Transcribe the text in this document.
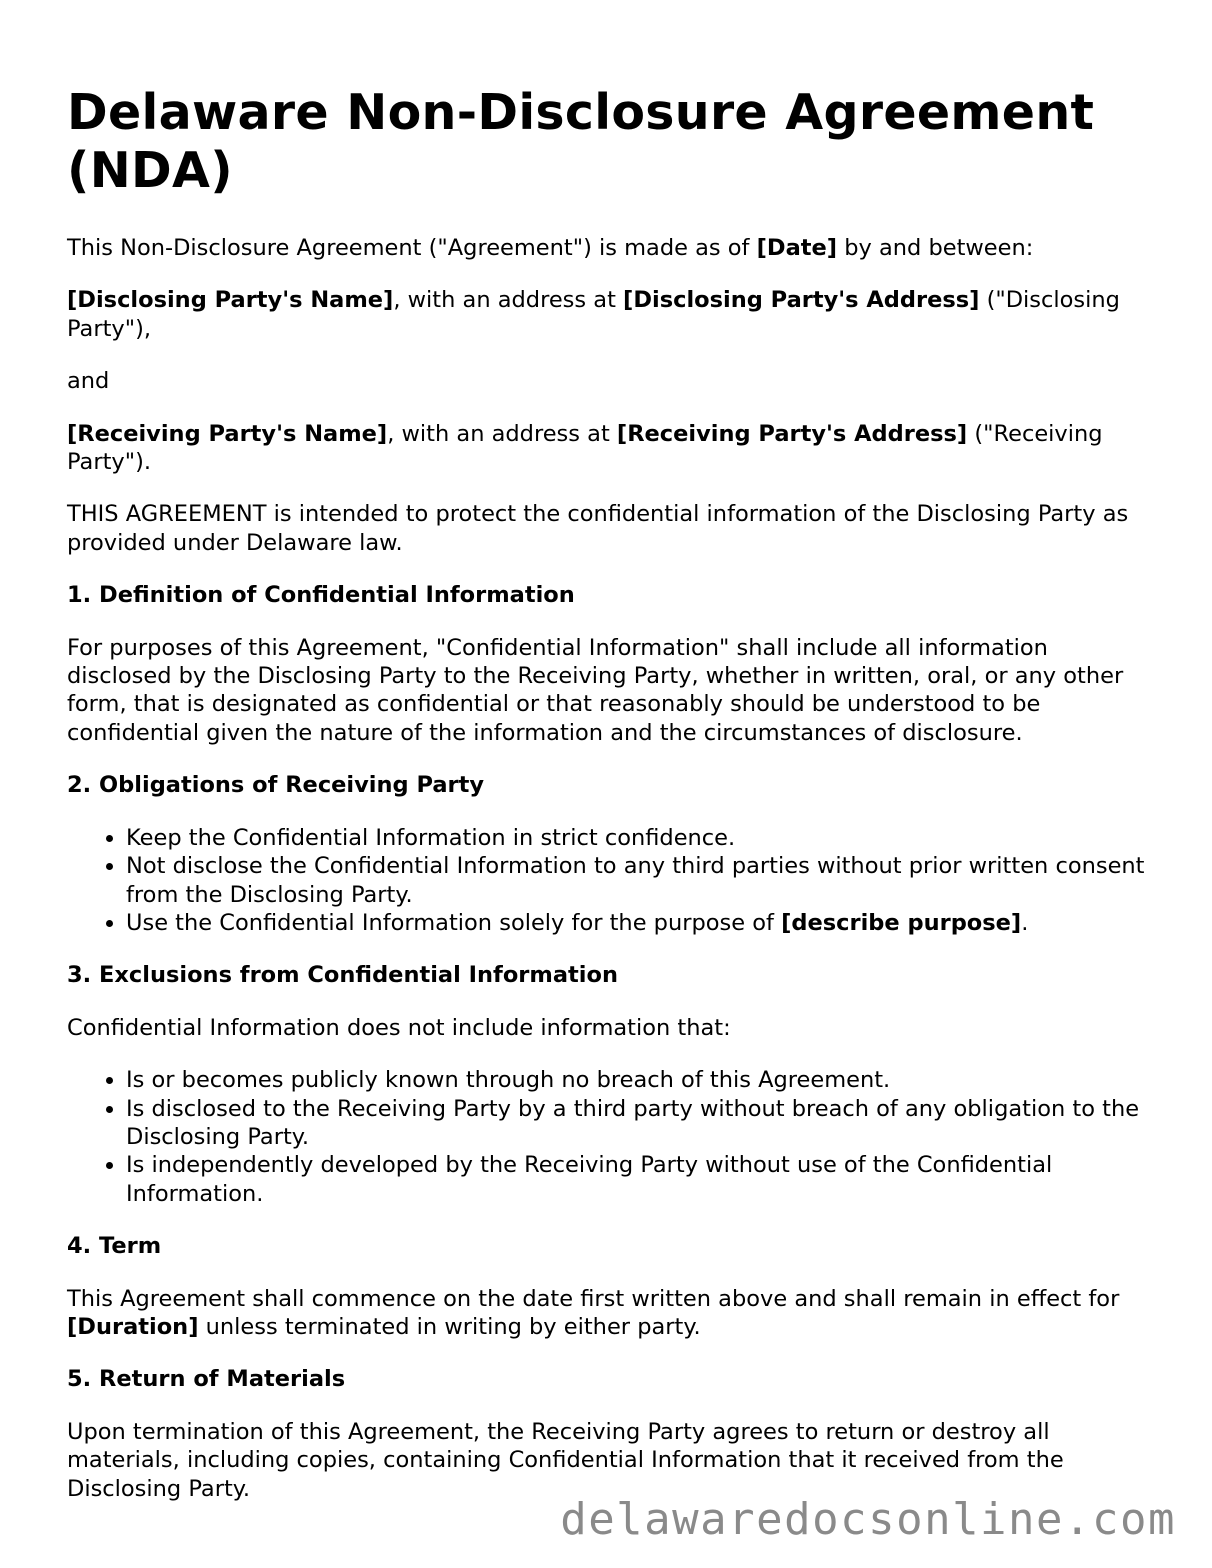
Delaware Non-Disclosure Agreement (NDA)

This Non-Disclosure Agreement ("Agreement") is made as of [Date] by and between:

[Disclosing Party's Name], with an address at [Disclosing Party's Address] ("Disclosing Party"),

and

[Receiving Party's Name], with an address at [Receiving Party's Address] ("Receiving Party").

THIS AGREEMENT is intended to protect the confidential information of the Disclosing Party as provided under Delaware law.

1. Definition of Confidential Information

For purposes of this Agreement, "Confidential Information" shall include all information disclosed by the Disclosing Party to the Receiving Party, whether in written, oral, or any other form, that is designated as confidential or that reasonably should be understood to be confidential given the nature of the information and the circumstances of disclosure.

2. Obligations of Receiving Party
• Keep the Confidential Information in strict confidence.
• Not disclose the Confidential Information to any third parties without prior written consent from the Disclosing Party.
• Use the Confidential Information solely for the purpose of [describe purpose].
3. Exclusions from Confidential Information

Confidential Information does not include information that:

• Is or becomes publicly known through no breach of this Agreement.
• Is disclosed to the Receiving Party by a third party without breach of any obligation to the Disclosing Party.
• Is independently developed by the Receiving Party without use of the Confidential Information.
4. Term

This Agreement shall commence on the date first written above and shall remain in effect for [Duration] unless terminated in writing by either party.

5. Return of Materials

Upon termination of this Agreement, the Receiving Party agrees to return or destroy all materials, including copies, containing Confidential Information that it received from the Disclosing Party.

delawaredocsonline.com
